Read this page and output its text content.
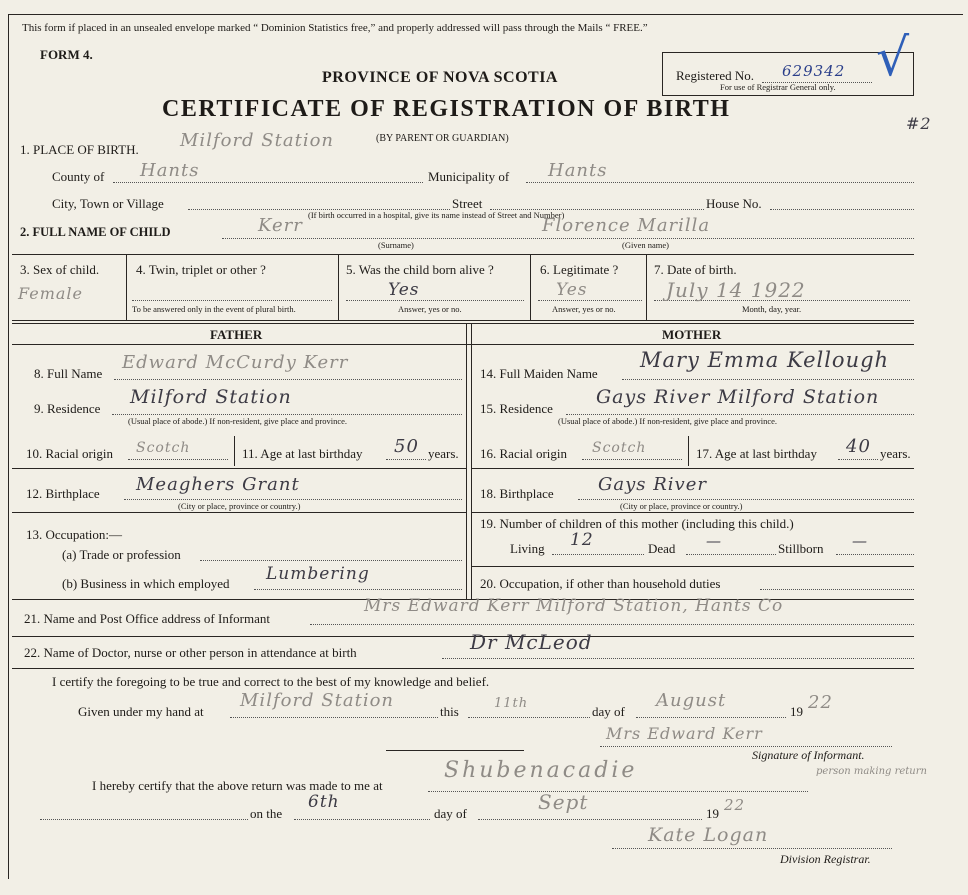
This form if placed in an unsealed envelope marked “ Dominion Statistics free,” and properly addressed will pass through the Mails “ FREE.”
FORM 4.
PROVINCE OF NOVA SCOTIA
CERTIFICATE OF REGISTRATION OF BIRTH
Registered No. 629342
For use of Registrar General only. √
#2
1. PLACE OF BIRTH. Milford Station	(BY PARENT OR GUARDIAN)
County of Hants	Municipality of Hants
City, Town or Village	Street	House No.
(If birth occurred in a hospital, give its name instead of Street and Number)
2. FULL NAME OF CHILD	Kerr	Florence Marilla
(Surname)	(Given name)
3. Sex of child.
Female
4. Twin, triplet or other ?
To be answered only in the event of plural birth.
5. Was the child born alive ?
Yes
Answer, yes or no.
6. Legitimate ?
Yes
Answer, yes or no.
7. Date of birth.
July 14 1922
Month, day, year.
FATHER	MOTHER
8. Full Name
Edward McCurdy Kerr
9. Residence
Milford Station
(Usual place of abode.) If non-resident, give place and province.
10. Racial origin Scotch	11. Age at last birthday 50 years.
12. Birthplace Meaghers Grant
(City or place, province or country.)
13. Occupation:—
(a) Trade or profession
(b) Business in which employed Lumbering
14. Full Maiden Name
Mary Emma Kellough
15. Residence
Gays River Milford Station
(Usual place of abode.) If non-resident, give place and province.
16. Racial origin Scotch	17. Age at last birthday 40 years.
18. Birthplace Gays River
(City or place, province or country.)
19. Number of children of this mother (including this child.)
Living 12	Dead —	Stillborn —
20. Occupation, if other than household duties
21. Name and Post Office address of Informant
Mrs Edward Kerr Milford Station, Hants Co
22. Name of Doctor, nurse or other person in attendance at birth	Dr McLeod
I certify the foregoing to be true and correct to the best of my knowledge and belief.
Given under my hand at
Milford Station
this
11th
day of
August
19 22
Mrs Edward Kerr
Signature of Informant.
person making return
I hereby certify that the above return was made to me at
Shubenacadie
on the
6th
day of	Sept	19 22
Kate Logan
Division Registrar.
